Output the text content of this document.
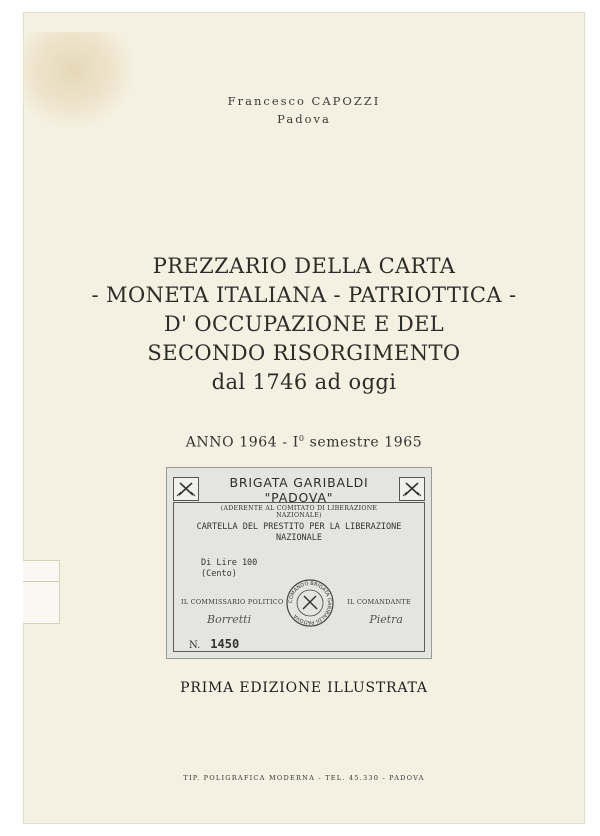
Francesco CAPOZZI
Padova
PREZZARIO DELLA CARTA
- MONETA ITALIANA - PATRIOTTICA -
D' OCCUPAZIONE E DEL
SECONDO RISORGIMENTO
dal 1746 ad oggi
ANNO $1964 - I^0$ semestre 1965
BRIGATA GARIBALDI "PADOVA"
(ADERENTE AL COMITATO DI LIBERAZIONE NAZIONALE)
CARTELLA DEL PRESTITO PER LA LIBERAZIONE
NAZIONALE
Di Lire 100
(Cento)
IL COMMISSARIO POLITICO	IL COMANDANTE
Borretti	Pietra
COMANDO BRIGATA GARIBALDI PADOVA
N. 1450
PRIMA EDIZIONE ILLUSTRATA
TIP. POLIGRAFICA MODERNA - TEL. 45.330 - PADOVA
